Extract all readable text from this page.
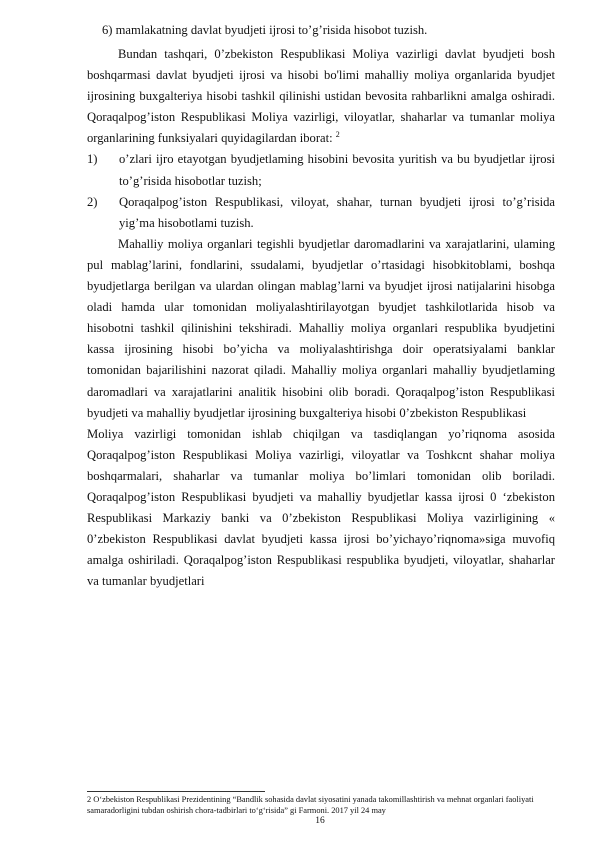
6) mamlakatning davlat byudjeti ijrosi to’g’risida hisobot tuzish.

Bundan tashqari, 0’zbekiston Respublikasi Moliya vazirligi davlat byudjeti bosh boshqarmasi davlat byudjeti ijrosi va hisobi bo'limi mahalliy moliya organlarida byudjet ijrosining buxgalteriya hisobi tashkil qilinishi ustidan bevosita rahbarlikni amalga oshiradi. Qoraqalpog’iston Respublikasi Moliya vazirligi, viloyatlar, shaharlar va tumanlar moliya organlarining funksiyalari quyidagilardan iborat: $^2$

1)	o’zlari ijro etayotgan byudjetlaming hisobini bevosita yuritish va bu byudjetlar ijrosi to’g’risida hisobotlar tuzish;
2)	Qoraqalpog’iston Respublikasi, viloyat, shahar, turnan byudjeti ijrosi to’g’risida yig’ma hisobotlami tuzish.

Mahalliy moliya organlari tegishli byudjetlar daromadlarini va xarajatlarini, ulaming pul mablag’larini, fondlarini, ssudalami, byudjetlar o’rtasidagi hisobkitoblami, boshqa byudjetlarga berilgan va ulardan olingan mablag’larni va byudjet ijrosi natijalarini hisobga oladi hamda ular tomonidan moliyalashtirilayotgan byudjet tashkilotlarida hisob va hisobotni tashkil qilinishini tekshiradi. Mahalliy moliya organlari respublika byudjetini kassa ijrosining hisobi bo’yicha va moliyalashtirishga doir operatsiyalami banklar tomonidan bajarilishini nazorat qiladi. Mahalliy moliya organlari mahalliy byudjetlaming daromadlari va xarajatlarini analitik hisobini olib boradi. Qoraqalpog’iston Respublikasi byudjeti va mahalliy byudjetlar ijrosining buxgalteriya hisobi 0’zbekiston Respublikasi

Moliya vazirligi tomonidan ishlab chiqilgan va tasdiqlangan yo’riqnoma asosida Qoraqalpog’iston Respublikasi Moliya vazirligi, viloyatlar va Toshkcnt shahar moliya boshqarmalari, shaharlar va tumanlar moliya bo’limlari tomonidan olib boriladi. Qoraqalpog’iston Respublikasi byudjeti va mahalliy byudjetlar kassa ijrosi 0 ‘zbekiston Respublikasi Markaziy banki va 0’zbekiston Respublikasi Moliya vazirligining « 0’zbekiston Respublikasi davlat byudjeti kassa ijrosi bo’yichayo’riqnoma»siga muvofiq amalga oshiriladi. Qoraqalpog’iston Respublikasi respublika byudjeti, viloyatlar, shaharlar va tumanlar byudjetlari

2 O‘zbekiston Respublikasi Prezidentining “Bandlik sohasida davlat siyosatini yanada takomillashtirish va mehnat organlari faoliyati samaradorligini tubdan oshirish chora-tadbirlari to‘g‘risida” gi Farmoni. 2017 yil 24 may
16
